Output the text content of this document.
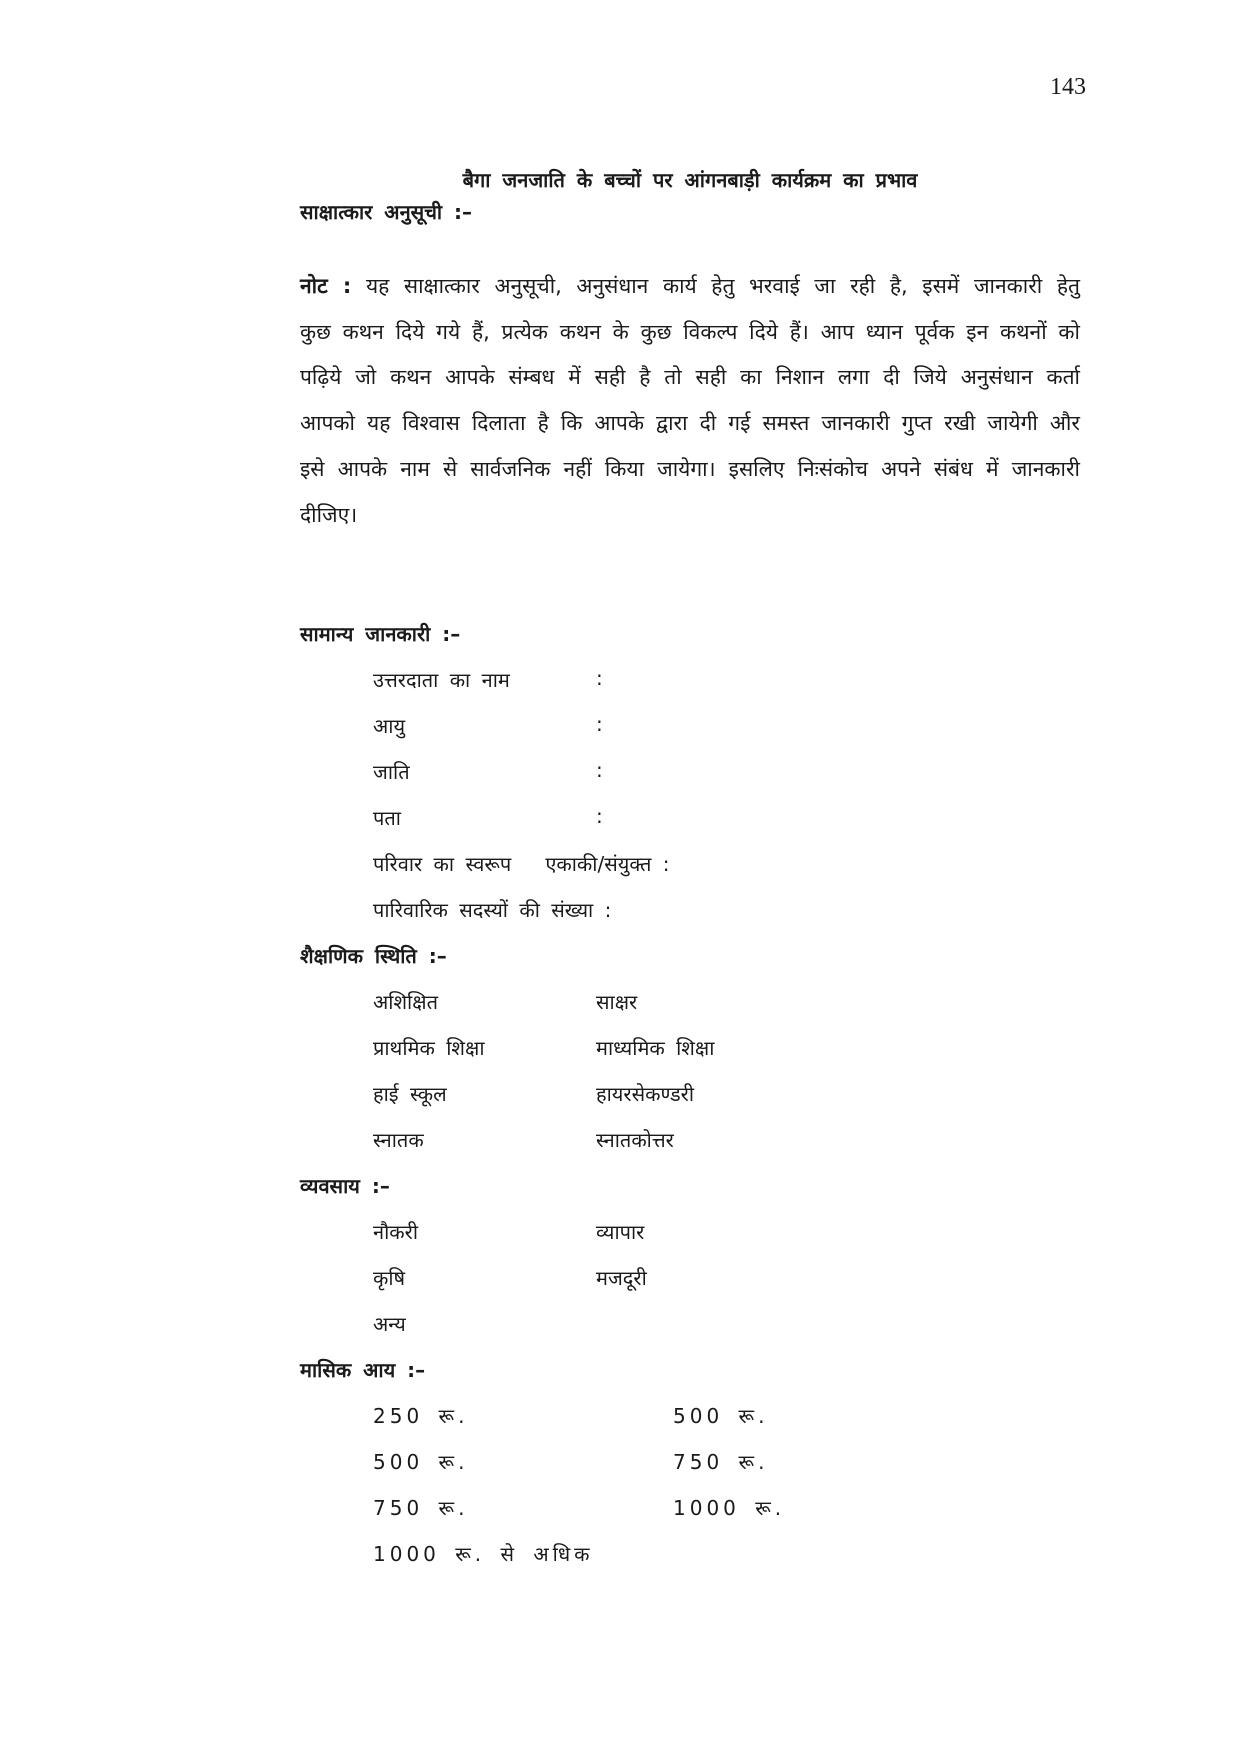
143
बैगा जनजाति के बच्चों पर आंगनबाड़ी कार्यक्रम का प्रभाव
साक्षात्कार अनुसूची :–
नोट : यह साक्षात्कार अनुसूची, अनुसंधान कार्य हेतु भरवाई जा रही है, इसमें जानकारी हेतु कुछ कथन दिये गये हैं, प्रत्येक कथन के कुछ विकल्प दिये हैं। आप ध्यान पूर्वक इन कथनों को पढ़िये जो कथन आपके संम्बध में सही है तो सही का निशान लगा दी जिये अनुसंधान कर्ता आपको यह विश्वास दिलाता है कि आपके द्वारा दी गई समस्त जानकारी गुप्त रखी जायेगी और इसे आपके नाम से सार्वजनिक नहीं किया जायेगा। इसलिए निःसंकोच अपने संबंध में जानकारी दीजिए।
सामान्य जानकारी :–
उत्तरदाता का नाम	:
आयु	:
जाति	:
पता	:
परिवार का स्वरूप   एकाकी/संयुक्त :
पारिवारिक सदस्यों की संख्या :
शैक्षणिक स्थिति :–
अशिक्षित	साक्षर
प्राथमिक शिक्षा	माध्यमिक शिक्षा
हाई स्कूल	हायरसेकण्डरी
स्नातक	स्नातकोत्तर
व्यवसाय :–
नौकरी	व्यापार
कृषि	मजदूरी
अन्य
मासिक आय :–
250 रू.	500 रू.
500 रू.	750 रू.
750 रू.	1000 रू.
1000 रू. से अधिक
